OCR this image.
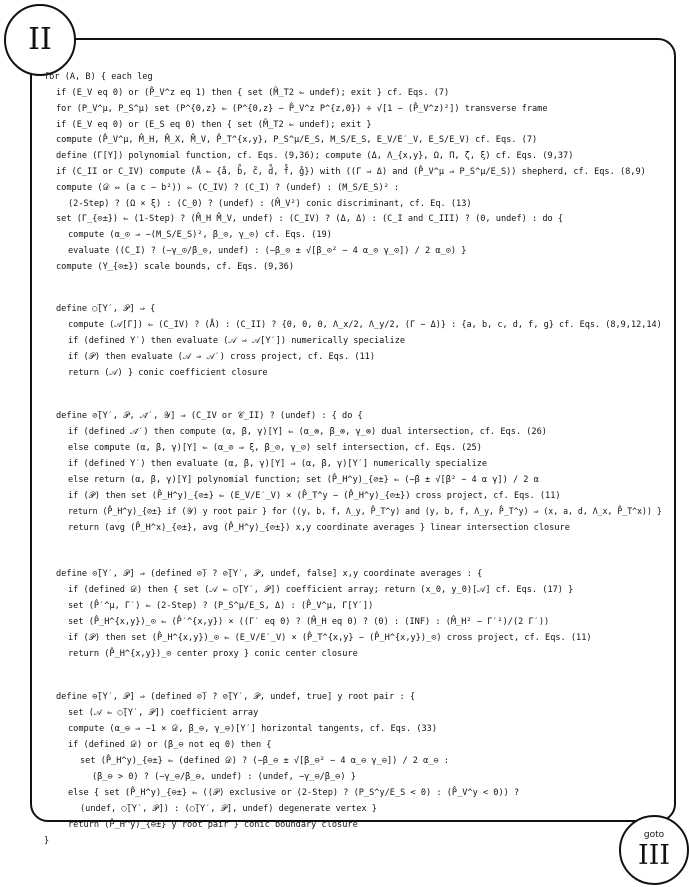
II
goto
III
for (A, B) { each leg
if (E_V eq 0) or (P̂_V^z eq 1) then { set (M̃_T2 ⇐ undef); exit } cf. Eqs. (7)
for (P_V^μ, P_S^μ) set (P^{0,z} ⇐ (P^{0,z} − P̂_V^z P^{z,0}) ÷ √[1 − (P̂_V^z)²]) transverse frame
if (E_V eq 0) or (E_S eq 0) then { set (M̃_T2 ⇐ undef); exit }
compute (P̂_V^μ, M̂_H, M̂_X, M̂_V, P̂_T^{x,y}, P_S^μ/E_S, M_S/E_S, E_V/E′_V, E_S/E_V) cf. Eqs. (7)
define (Γ[Υ]) polynomial function, cf. Eqs. (9,36); compute (Δ, Λ_{x,y}, Ω, Π, ζ, ξ) cf. Eqs. (9,37)
if (C_II or C_IV) compute (Å ⇐ {å, b̊, c̊, d̊, f̊, g̊}) with ((Γ ⇒ Δ) and (P̂_V^μ ⇒ P_S^μ/E_S)) shepherd, cf. Eqs. (8,9)
compute (𝒟 ⇔ (a c − b²)) ⇐ (C_IV) ? (C_I) ? (undef) : (M_S/E_S)² :
(2-Step) ? (Ω × ξ) : (C_0) ? (undef) : (M̂_V²) conic discriminant, cf. Eq. (13)
set (Γ_{⊙±}) ⇐ (1-Step) ? (M̂_H M̂_V, undef) : (C_IV) ? (Δ, Δ) : (C_I and C_III) ? (0, undef) : do {
compute (α_⊙ ⇒ −(M_S/E_S)², β_⊙, γ_⊙) cf. Eqs. (19)
evaluate ((C_I) ? (−γ_⊙/β_⊙, undef) : (−β_⊙ ± √[β_⊙² − 4 α_⊙ γ_⊙]) / 2 α_⊙) }
compute (Υ_{⊙±}) scale bounds, cf. Eqs. (9,36)
define ○̅[Υ′, 𝒫] ⇒ {
compute (𝒜[Γ]) ⇐ (C_IV) ? (Å) : (C_II) ? {0, 0, 0, Λ_x/2, Λ_y/2, (Γ − Δ)} : {a, b, c, d, f, g} cf. Eqs. (8,9,12,14)
if (defined Υ′) then evaluate (𝒜 ⇒ 𝒜[Υ′]) numerically specialize
if (𝒫) then evaluate (𝒜 ⇒ 𝒜′) cross project, cf. Eqs. (11)
return (𝒜) } conic coefficient closure
define ⊘̅[Υ′, 𝒫, 𝒜̄′, 𝒴] ⇒ (C_IV or 𝒞_II) ? (undef) : { do {
if (defined 𝒜̄′) then compute (α, β, γ)[Υ] ⇐ (α_⊗, β_⊗, γ_⊗) dual intersection, cf. Eqs. (26)
else compute (α, β, γ)[Υ] ⇐ (α_⊘ ⇒ ξ, β_⊘, γ_⊘) self intersection, cf. Eqs. (25)
if (defined Υ′) then evaluate (α, β, γ)[Υ] ⇒ (α, β, γ)[Υ′] numerically specialize
else return (α, β, γ)[Υ] polynomial function; set (P̂_H^y)_{⊘±} ⇐ (−β ± √[β² − 4 α γ]) / 2 α
if (𝒫) then set (P̂_H^y)_{⊘±} ⇐ (E_V/E′_V) × (P̂_T^y − (P̂_H^y)_{⊘±}) cross project, cf. Eqs. (11)
return (P̂_H^y)_{⊘±} if (𝒴) y root pair } for ((y, b, f, Λ_y, P̂_T^y) and (y, b, f, Λ_y, P̂_T^y) ⇒ (x, a, d, Λ_x, P̂_T^x)) }
return (avg (P̂_H^x)_{⊘±}, avg (P̂_H^y)_{⊘±}) x,y coordinate averages } linear intersection closure
define ⊙̅[Υ′, 𝒫] ⇒ (defined ⊘̅) ? ⊘̅[Υ′, 𝒫, undef, false] x,y coordinate averages : {
if (defined 𝒟) then { set (𝒜 ⇐ ○̅[Υ′, 𝒫]) coefficient array; return (x_0, y_0)[𝒜] cf. Eqs. (17) }
set (P̂′^μ, Γ′) ⇐ (2-Step) ? (P_S^μ/E_S, Δ) : (P̂_V^μ, Γ[Υ′])
set (P̂_H^{x,y})_⊙ ⇐ (P̂′^{x,y}) × ((Γ′ eq 0) ? (M̂_H eq 0) ? (0) : (INF) : (M̂_H² − Γ′²)/(2 Γ′))
if (𝒫) then set (P̂_H^{x,y})_⊙ ⇐ (E_V/E′_V) × (P̂_T^{x,y} − (P̂_H^{x,y})_⊙) cross project, cf. Eqs. (11)
return (P̂_H^{x,y})_⊙ center proxy } conic center closure
define ⊖̅[Υ′, 𝒫] ⇒ (defined ⊘̅) ? ⊘̅[Υ′, 𝒫, undef, true] y root pair : {
set (𝒜 ⇐ ○̅[Υ′, 𝒫]) coefficient array
compute (α_⊖ ⇒ −1 × 𝒟, β_⊖, γ_⊖)[Υ′] horizontal tangents, cf. Eqs. (33)
if (defined 𝒟) or (β_⊖ not eq 0) then {
set (P̂_H^y)_{⊖±} ⇐ (defined 𝒟) ? (−β_⊖ ± √[β_⊖² − 4 α_⊖ γ_⊖]) / 2 α_⊖ :
(β_⊖ > 0) ? (−γ_⊖/β_⊖, undef) : (undef, −γ_⊖/β_⊖) }
else { set (P̂_H^y)_{⊖±} ⇐ ((𝒫) exclusive or (2-Step) ? (P_S^y/E_S < 0) : (P̂_V^y < 0)) ?
(undef, ○̅[Υ′, 𝒫]) : (○̅[Υ′, 𝒫], undef) degenerate vertex }
return (P̂_H^y)_{⊖±} y root pair } conic boundary closure
}
